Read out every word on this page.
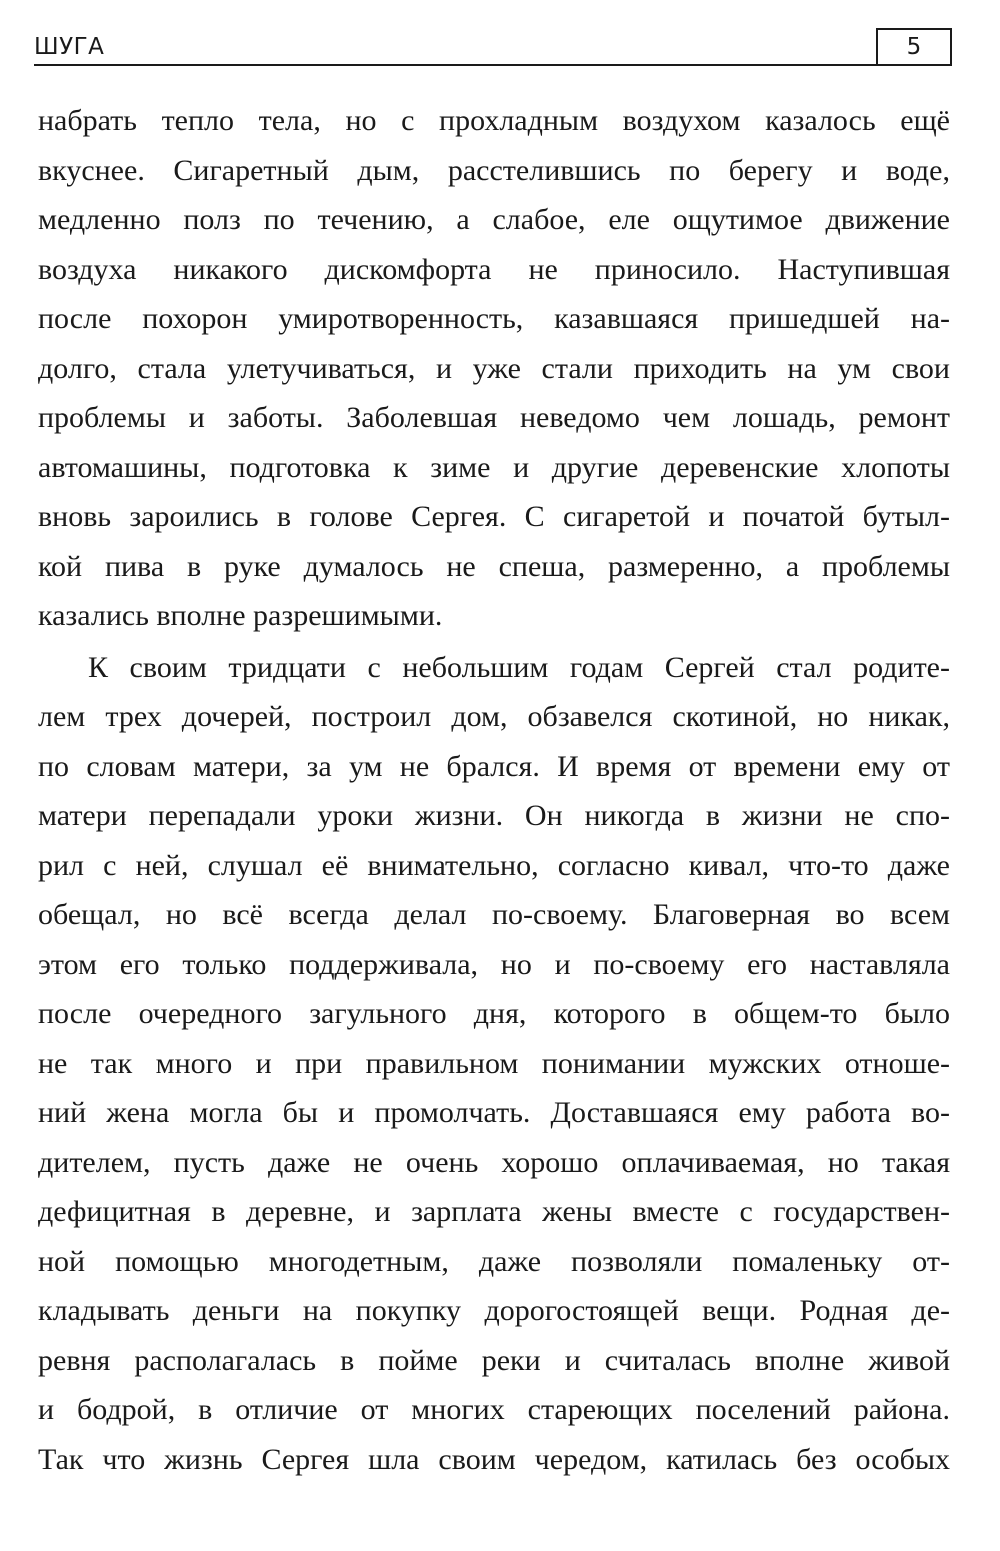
ШУГА	5
набрать тепло тела, но с прохладным воздухом казалось ещё
вкуснее. Сигаретный дым, расстелившись по берегу и воде,
медленно полз по течению, а слабое, еле ощутимое движение
воздуха никакого дискомфорта не приносило. Наступившая
после похорон умиротворенность, казавшаяся пришедшей на-
долго, стала улетучиваться, и уже стали приходить на ум свои
проблемы и заботы. Заболевшая неведомо чем лошадь, ремонт
автомашины, подготовка к зиме и другие деревенские хлопоты
вновь зароились в голове Сергея. С сигаретой и початой бутыл-
кой пива в руке думалось не спеша, размеренно, а проблемы
казались вполне разрешимыми.
К своим тридцати с небольшим годам Сергей стал родите-
лем трех дочерей, построил дом, обзавелся скотиной, но никак,
по словам матери, за ум не брался. И время от времени ему от
матери перепадали уроки жизни. Он никогда в жизни не спо-
рил с ней, слушал её внимательно, согласно кивал, что-то даже
обещал, но всё всегда делал по-своему. Благоверная во всем
этом его только поддерживала, но и по-своему его наставляла
после очередного загульного дня, которого в общем-то было
не так много и при правильном понимании мужских отноше-
ний жена могла бы и промолчать. Доставшаяся ему работа во-
дителем, пусть даже не очень хорошо оплачиваемая, но такая
дефицитная в деревне, и зарплата жены вместе с государствен-
ной помощью многодетным, даже позволяли помаленьку от-
кладывать деньги на покупку дорогостоящей вещи. Родная де-
ревня располагалась в пойме реки и считалась вполне живой
и бодрой, в отличие от многих стареющих поселений района.
Так что жизнь Сергея шла своим чередом, катилась без особых
